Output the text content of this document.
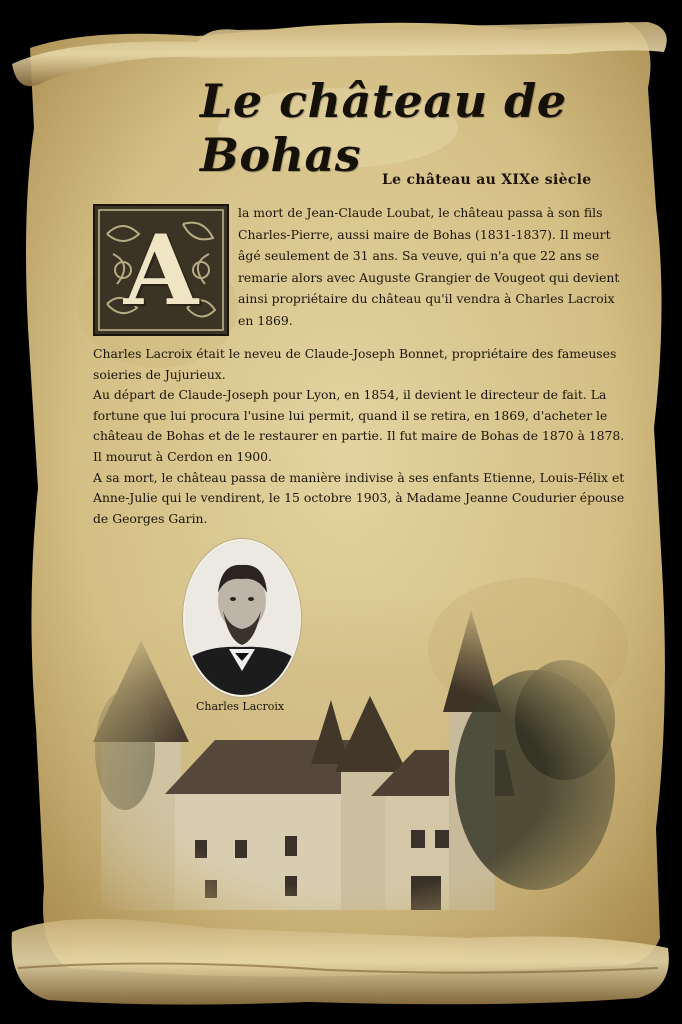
Le château de Bohas	Le château au XIXe siècle
A
la mort de Jean-Claude Loubat, le château passa à son fils Charles-Pierre, aussi maire de Bohas (1831-1837). Il meurt âgé seulement de 31 ans. Sa veuve, qui n'a que 22 ans se remarie alors avec Auguste Grangier de Vougeot qui devient ainsi propriétaire du château qu'il vendra à Charles Lacroix en 1869.

Charles Lacroix était le neveu de Claude-Joseph Bonnet, propriétaire des fameuses soieries de Jujurieux.

Au départ de Claude-Joseph pour Lyon, en 1854, il devient le directeur de fait. La fortune que lui procura l'usine lui permit, quand il se retira, en 1869, d'acheter le château de Bohas et de le restaurer en partie. Il fut maire de Bohas de 1870 à 1878. Il mourut à Cerdon en 1900.

A sa mort, le château passa de manière indivise à ses enfants Etienne, Louis-Félix et Anne-Julie qui le vendirent, le 15 octobre 1903, à Madame Jeanne Coudurier épouse de Georges Garin.

Charles Lacroix
